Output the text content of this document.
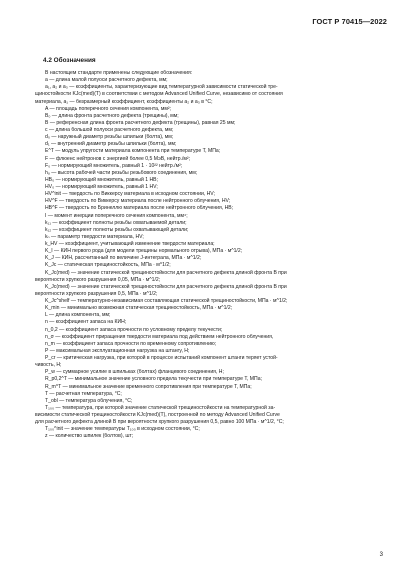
ГОСТ Р 70415—2022
4.2 Обозначения
В настоящем стандарте применены следующие обозначения:
a — длина малой полуоси расчетного дефекта, мм;
a₁, a₂ и a₃ — коэффициенты, характеризующие вид температурной зависимости статической тре-
щиностойкости KJc(med)(T) в соответствии с методом Advanced Unified Curve, независимо от состояния
материала, a₁ — безразмерный коэффициент, коэффициенты a₂ и a₃ в °С;
A — площадь поперечного сечения компонента, мм²;
B₀ — длина фронта расчетного дефекта (трещины), мм;
B — референсная длина фронта расчетного дефекта (трещины), равная 25 мм;
c — длина большой полуоси расчетного дефекта, мм;
d₀ — наружный диаметр резьбы шпильки (болта), мм;
d₁ — внутренний диаметр резьбы шпильки (болта), мм;
E^T — модуль упругости материала компонента при температуре T, МПа;
F — флюенс нейтронов с энергией более 0,5 МэВ, нейтр./м²;
F₀ — нормирующий множитель, равный 1 · 10²² нейтр./м²;
hᵤ — высота рабочей части резьбы резьбового соединения, мм;
HB₀ — нормирующий множитель, равный 1 HB;
HV₀ — нормирующий множитель, равный 1 HV;
HV^init — твердость по Виккерсу материала в исходном состоянии, HV;
HV^F — твердость по Виккерсу материала после нейтронного облучения, HV;
HB^F — твердость по Бринеллю материала после нейтронного облучения, HB;
I — момент инерции поперечного сечения компонента, мм⁴;
k₁₁ — коэффициент полноты резьбы охватываемой детали;
k₁₂ — коэффициент полноты резьбы охватывающей детали;
kₙ — параметр твердости материала, HV;
k_HV — коэффициент, учитывающий изменение твердости материала;
K_I — КИН первого рода (для модели трещины нормального отрыва), МПа · м^1/2;
K_J — КИН, рассчитанный по величине J-интеграла, МПа · м^1/2;
K_Jc — статическая трещиностойкость, МПа · м^1/2;
K_Jc(med) — значение статической трещиностойкости для расчетного дефекта длиной фронта B при
вероятности хрупкого разрушения 0,05, МПа · м^1/2;
K_Jc(med) — значение статической трещиностойкости для расчетного дефекта длиной фронта B при
вероятности хрупкого разрушения 0,5, МПа · м^1/2;
K_Jc^shelf — температурно-независимая составляющая статической трещиностойкости, МПа · м^1/2;
K_min — минимально возможная статическая трещиностойкость, МПа · м^1/2;
L — длина компонента, мм;
n — коэффициент запаса на КИН;
n_0,2 — коэффициент запаса прочности по условному пределу текучести;
n_σ — коэффициент приращения твердости материала под действием нейтронного облучения,
n_m — коэффициент запаса прочности по временному сопротивлению;
P — максимальная эксплуатационная нагрузка на штангу, Н;
P_cr — критическая нагрузка, при которой в процессе испытаний компонент штанги теряет устой-
чивость, Н;
P_w — суммарное усилие в шпильках (болтах) фланцевого соединения, Н;
R_p0,2^T — минимальное значение условного предела текучести при температуре T, МПа;
R_m^T — минимальное значение временного сопротивления при температуре T, МПа;
T — расчетная температура, °С;
T_obl — температура облучения, °С;
T₁₀₀ — температура, при которой значение статической трещиностойкости на температурной за-
висимости статической трещиностойкости KJc(med)(T), построенной по методу Advanced Unified Curve
для расчетного дефекта длиной B при вероятности хрупкого разрушения 0,5, равно 100 МПа · м^1/2, °С;
T₁₀₀^init — значение температуры T₁₀₀ в исходном состоянии, °С;
z — количество шпилек (болтов), шт;
3
